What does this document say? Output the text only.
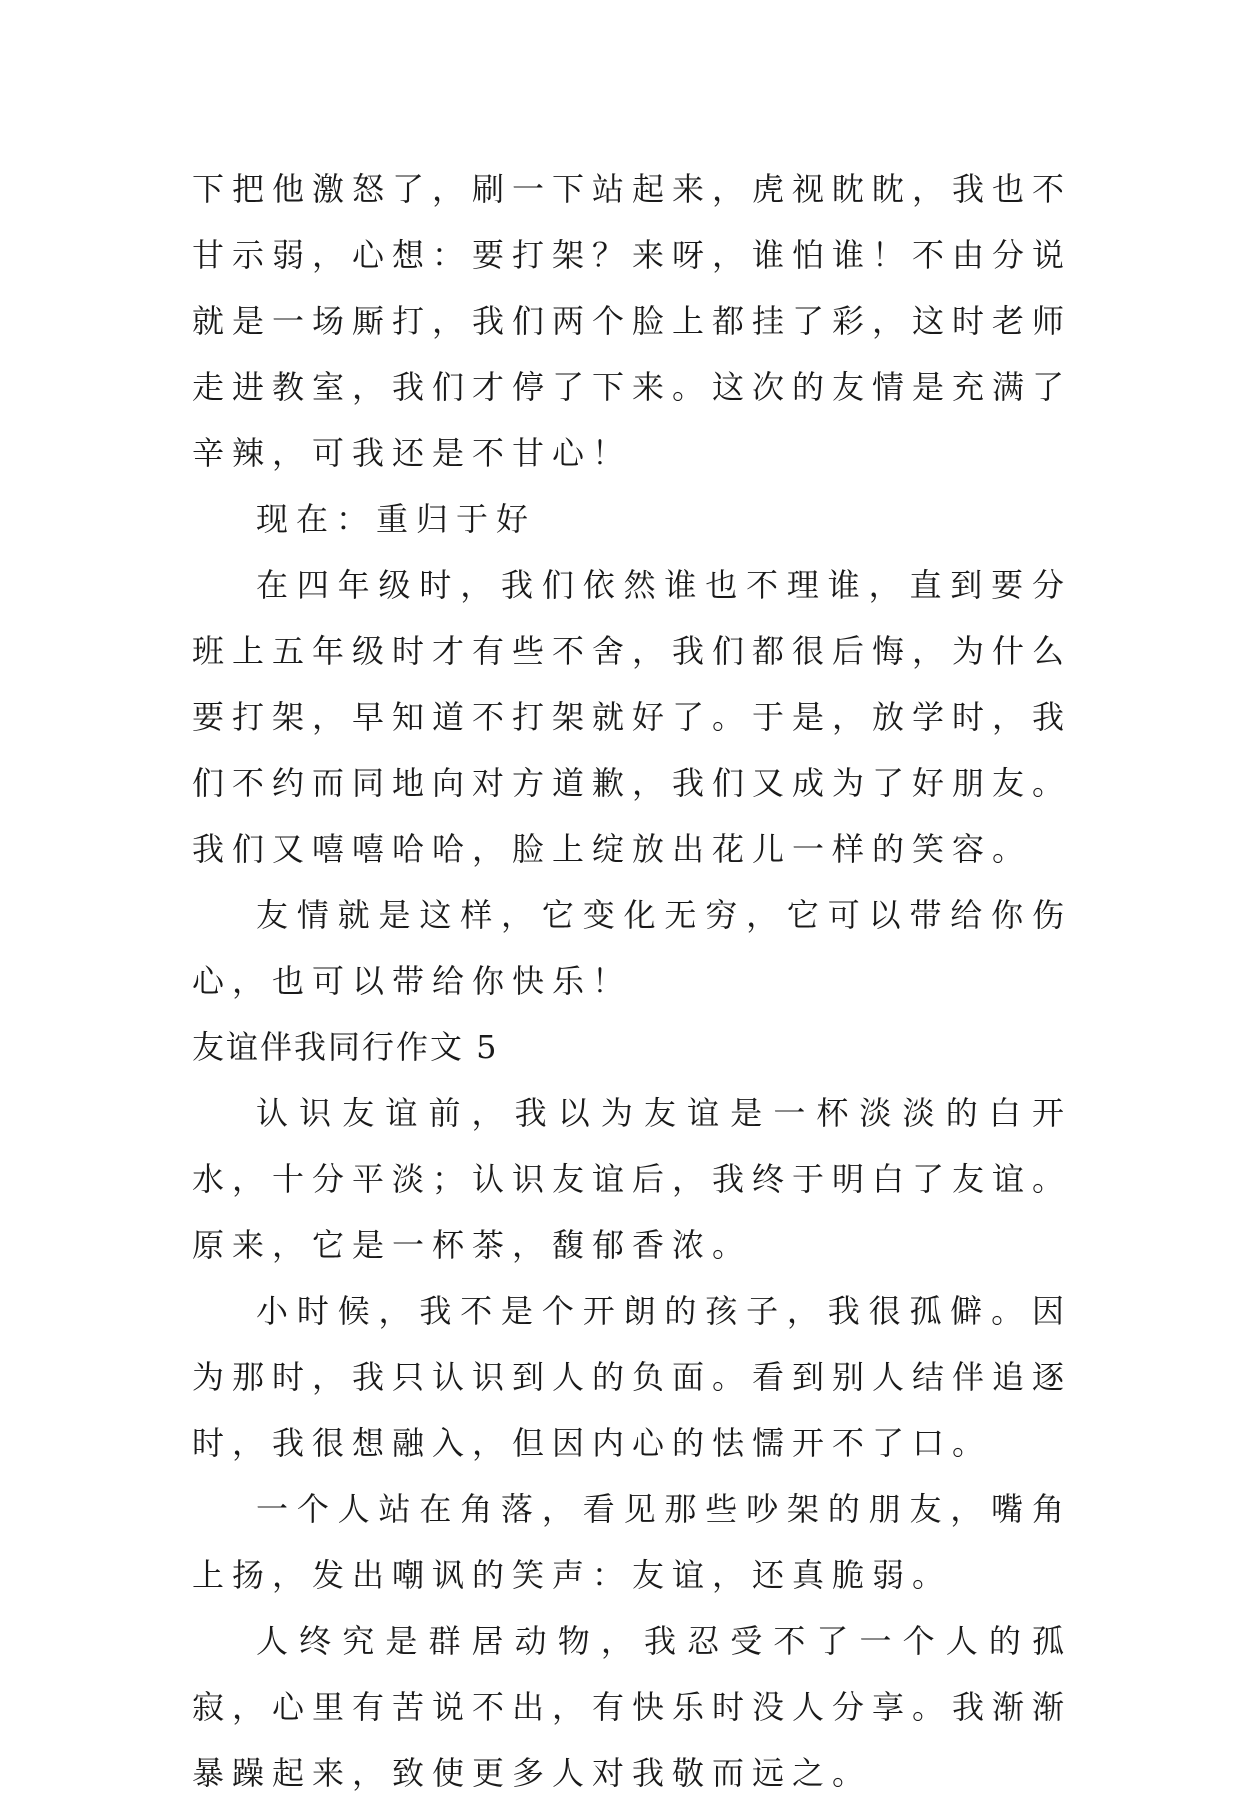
下把他激怒了，刷一下站起来，虎视眈眈，我也不甘示弱，心想：要打架？来呀，谁怕谁！不由分说就是一场厮打，我们两个脸上都挂了彩，这时老师走进教室，我们才停了下来。这次的友情是充满了辛辣，可我还是不甘心！

现在：重归于好

在四年级时，我们依然谁也不理谁，直到要分班上五年级时才有些不舍，我们都很后悔，为什么要打架，早知道不打架就好了。于是，放学时，我们不约而同地向对方道歉，我们又成为了好朋友。我们又嘻嘻哈哈，脸上绽放出花儿一样的笑容。

友情就是这样，它变化无穷，它可以带给你伤心，也可以带给你快乐！

友谊伴我同行作文 5

认识友谊前，我以为友谊是一杯淡淡的白开水，十分平淡；认识友谊后，我终于明白了友谊。原来，它是一杯茶，馥郁香浓。

小时候，我不是个开朗的孩子，我很孤僻。因为那时，我只认识到人的负面。看到别人结伴追逐时，我很想融入，但因内心的怯懦开不了口。

一个人站在角落，看见那些吵架的朋友，嘴角上扬，发出嘲讽的笑声：友谊，还真脆弱。

人终究是群居动物，我忍受不了一个人的孤寂，心里有苦说不出，有快乐时没人分享。我渐渐暴躁起来，致使更多人对我敬而远之。
